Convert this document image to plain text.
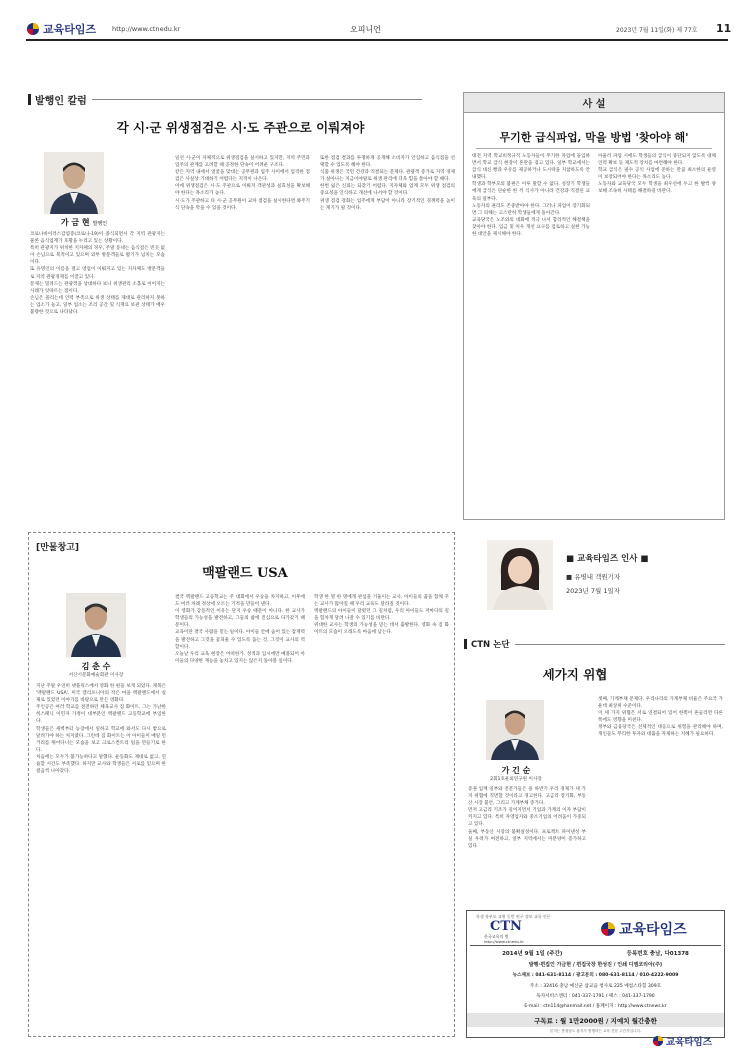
교육타임즈 http://www.ctnedu.kr	오피니언	2023년 7월 11일(화) 제 77호 11
발행인 칼럼
각 시·군 위생점검은 시·도 주관으로 이뤄져야
가 금 현 발행인

코로나바이러스감염증(코로나-19)이 종식되면서 각 지역 관광지는 물론 음식업계가 호황을 누리고 있는 상황이다.

특히 관광지가 위치한 지자체의 경우, 주말 동네는 음식점은 빈곳 없이 손님으로 북적이고 있으며 외부 방문객들로 활기가 넘치는 모습이다.

또 유명인의 이름을 걸고 영업이 이뤄지고 있는 지자체도 방문객들로 지역 관광경제를 이끌고 있다.

문제는 밀려드는 관광객을 상대하다 보니 위생관리 소홀로 이어지는 사례가 잇따르는 점이다.

손님은 몰리는데 인력 부족으로 위생 상태를 제대로 관리하지 못하는 업소가 늘고, 일부 업소는 조리 공간 및 식재료 보관 상태가 매우 불량한 것으로 나타났다.

일선 시·군이 자체적으로 위생점검을 실시하고 있지만, 지역 주민과 업주의 관계를 고려할 때 공정한 단속이 어려운 구조다.

같은 지역 내에서 얼굴을 맞대는 공무원과 업주 사이에서 엄격한 점검은 사실상 기대하기 어렵다는 지적이 나온다.

이에 위생점검은 시·도 주관으로 이뤄져 객관성과 실효성을 확보해야 한다는 목소리가 높다.

시·도가 주관하고 타 시·군 공무원이 교차 점검을 실시한다면 봐주기식 단속을 막을 수 있을 것이다.

또한 점검 결과를 투명하게 공개해 소비자가 안심하고 음식점을 선택할 수 있도록 해야 한다.

식품 위생은 국민 건강과 직결되는 문제다. 관광객 증가로 지역 경제가 살아나는 지금이야말로 위생 관리에 더욱 힘을 쏟아야 할 때다.

한번 잃은 신뢰는 되찾기 어렵다. 지자체와 업계 모두 위생 점검의 중요성을 인식하고 개선에 나서야 할 것이다.

위생 점검 강화는 업주에게 부담이 아니라 장기적인 경쟁력을 높이는 계기가 될 것이다.

사 설
무기한 급식파업, 막을 방법 '찾아야 해'

대전 지역 학교비정규직 노동자들이 무기한 파업에 돌입하면서 학교 급식 현장이 혼란을 겪고 있다. 일부 학교에서는 급식 대신 빵과 우유를 제공하거나 도시락을 지참하도록 안내했다.

학생과 학부모의 불편은 이루 말할 수 없다. 성장기 학생들에게 급식은 단순한 한 끼 식사가 아니라 건강과 직결된 교육의 일부다.

노동자의 권리도 존중받아야 한다. 그러나 파업이 장기화되면 그 피해는 고스란히 학생들에게 돌아간다.

교육당국은 노조와의 대화에 적극 나서 합리적인 해결책을 찾아야 한다. 임금 및 처우 개선 요구를 검토하고 실현 가능한 대안을 제시해야 한다.

아울러 파업 시에도 학생들의 급식이 중단되지 않도록 대체 인력 확보 등 제도적 장치를 마련해야 한다.

학교 급식은 필수 공익 사업에 준하는 만큼 최소한의 운영이 보장되어야 한다는 목소리도 높다.

노동자와 교육당국 모두 학생을 최우선에 두고 한 발씩 양보해 조속히 사태를 해결하길 바란다.

[만물창고]
맥팔랜드 USA
김 춘 수
서산시문화예술회관 이사장

지난 주말 우연히 넷플릭스에서 영화 한 편을 보게 되었다. 제목은 '맥팔랜드 USA'. 미국 캘리포니아의 작은 마을 맥팔랜드에서 실제로 있었던 이야기를 바탕으로 만든 영화다.

주인공은 여러 학교를 전전하던 체육교사 짐 화이트. 그는 가난한 히스패닉 이민자 가정이 대부분인 맥팔랜드 고등학교에 부임한다.

학생들은 새벽부터 농장에서 일하고 학교에 와서도 다시 밭으로 달려가야 하는 처지였다. 그런데 짐 화이트는 이 아이들이 매일 먼 거리를 뛰어다니는 모습을 보고 크로스컨트리 팀을 만들기로 한다.

처음에는 모두가 불가능하다고 말했다. 운동화도 제대로 없고, 연습할 시간도 부족했다. 하지만 교사와 학생들은 서로를 믿으며 한 걸음씩 나아갔다.

결국 맥팔랜드 고등학교는 주 대회에서 우승을 차지하고, 이후에도 여러 차례 정상에 오르는 기적을 만들어 낸다.

이 영화가 감동적인 이유는 단지 우승 때문이 아니다. 한 교사가 학생들의 가능성을 발견하고, 그들의 삶에 진심으로 다가갔기 때문이다.

교육이란 결국 사람을 믿는 일이다. 아이들 안에 숨어 있는 잠재력을 발견하고 그것을 꽃피울 수 있도록 돕는 것, 그것이 교사의 역할이다.

오늘날 우리 교육 현장은 어떠한가. 성적과 입시에만 매몰되어 아이들의 다양한 재능을 놓치고 있지는 않은지 돌아볼 일이다.

학생 한 명 한 명에게 관심을 기울이는 교사, 아이들의 꿈을 함께 꾸는 교사가 많아질 때 우리 교육도 달라질 것이다.

맥팔랜드의 아이들이 달렸던 그 길처럼, 우리 아이들도 저마다의 길을 힘차게 달려 나갈 수 있기를 바란다.

위대한 교사는 학생의 가능성을 믿는 데서 출발한다. 영화 속 짐 화이트의 모습이 오래도록 마음에 남는다.

■ 교육타임즈 인사 ■
■ 유병내 객원기자
2023년 7월 1일자
CTN 논단
세가지 위협
가 긴 순
2회1호운외연구원 이사장

증권 업계 일부와 전문가들은 올 하반기 우리 경제가 세 가지 위협에 직면할 것이라고 경고한다. 고금리 장기화, 부동산 시장 불안, 그리고 가계부채 증가다.

먼저 고금리 기조가 길어지면서 기업과 가계의 이자 부담이 커지고 있다. 특히 자영업자와 중소기업의 어려움이 가중되고 있다.

둘째, 부동산 시장의 불확실성이다. 프로젝트 파이낸싱 부실 우려가 여전하고, 일부 지역에서는 미분양이 증가하고 있다.

셋째, 가계부채 문제다. 우리나라의 가계부채 비율은 주요국 가운데 최상위 수준이다.

이 세 가지 위협은 서로 연결되어 있어 한쪽이 흔들리면 다른 쪽에도 영향을 미친다.

정부와 금융당국은 선제적인 대응으로 위험을 관리해야 하며, 개인들도 무리한 투자와 대출을 자제하는 지혜가 필요하다.

학생 학부모 교원 동반 연구 정보 교육 언론
CTN
한국교육의 벗
http://www.ctnedu.kr
교육타임즈
2014년 9월 1일 (주간)	등록번호 충남, 다01378
발행·편집인 가금현 / 편집국장 한성진 / 인쇄 디엠코리아(주)
뉴스제보 : 041-631-8114 / 광고문의 : 080-631-8114 / 010-4222-9009
주소 : 32416 충남 예산군 삽교읍 청사로 225 예첨스타힐 309호
독자서비스센터 : 041-337-1791 / 팩스 : 041-337-1790
E-mail : ctn114@hanmail.net / 홈페이지 : http://www.ctnews.kr
구독료 : 월 1만2000원 / 지예치 월간충한
본지는 충청남도 잡지가 발행하는 교육 전문 주간지입니다.
교육타임즈
